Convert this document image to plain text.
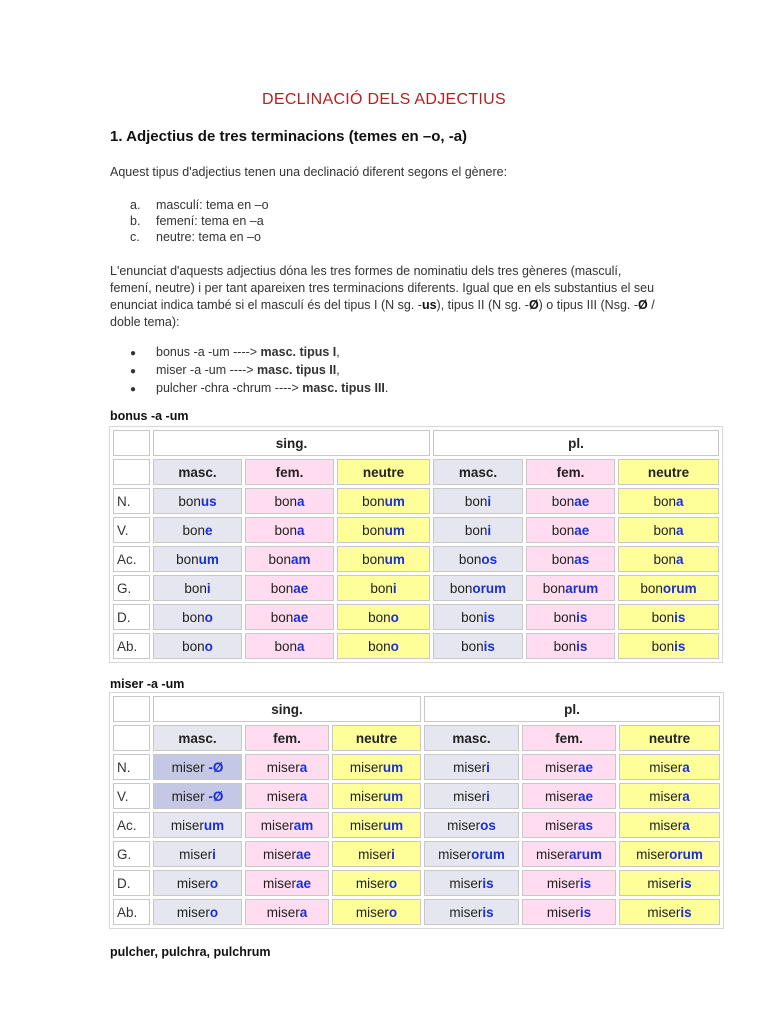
DECLINACIÓ DELS ADJECTIUS
1. Adjectius de tres terminacions (temes en –o, -a)
Aquest tipus d'adjectius tenen una declinació diferent segons el gènere:
a. masculí: tema en –o
b. femení: tema en –a
c. neutre: tema en –o
L'enunciat d'aquests adjectius dóna les tres formes de nominatiu dels tres gèneres (masculí,
femení, neutre) i per tant apareixen tres terminacions diferents. Igual que en els substantius el seu
enunciat indica també si el masculí és del tipus I (N sg. -us), tipus II (N sg. -Ø) o tipus III (Nsg. -Ø /
doble tema):
● bonus -a -um ----> masc. tipus I,
● miser -a -um ----> masc. tipus II,
● pulcher -chra -chrum ----> masc. tipus III.
bonus -a -um
	sing.			pl.		
	masc.	fem.	neutre	masc.	fem.	neutre
N.	bonus	bona	bonum	boni	bonae	bona
V.	bone	bona	bonum	boni	bonae	bona
Ac.	bonum	bonam	bonum	bonos	bonas	bona
G.	boni	bonae	boni	bonorum	bonarum	bonorum
D.	bono	bonae	bono	bonis	bonis	bonis
Ab.	bono	bona	bono	bonis	bonis	bonis
miser -a -um
	sing.			pl.		
	masc.	fem.	neutre	masc.	fem.	neutre
N.	miser -Ø	misera	miserum	miseri	miserae	misera
V.	miser -Ø	misera	miserum	miseri	miserae	misera
Ac.	miserum	miseram	miserum	miseros	miseras	misera
G.	miseri	miserae	miseri	miserorum	miserarum	miserorum
D.	misero	miserae	misero	miseris	miseris	miseris
Ab.	misero	misera	misero	miseris	miseris	miseris
pulcher, pulchra, pulchrum
